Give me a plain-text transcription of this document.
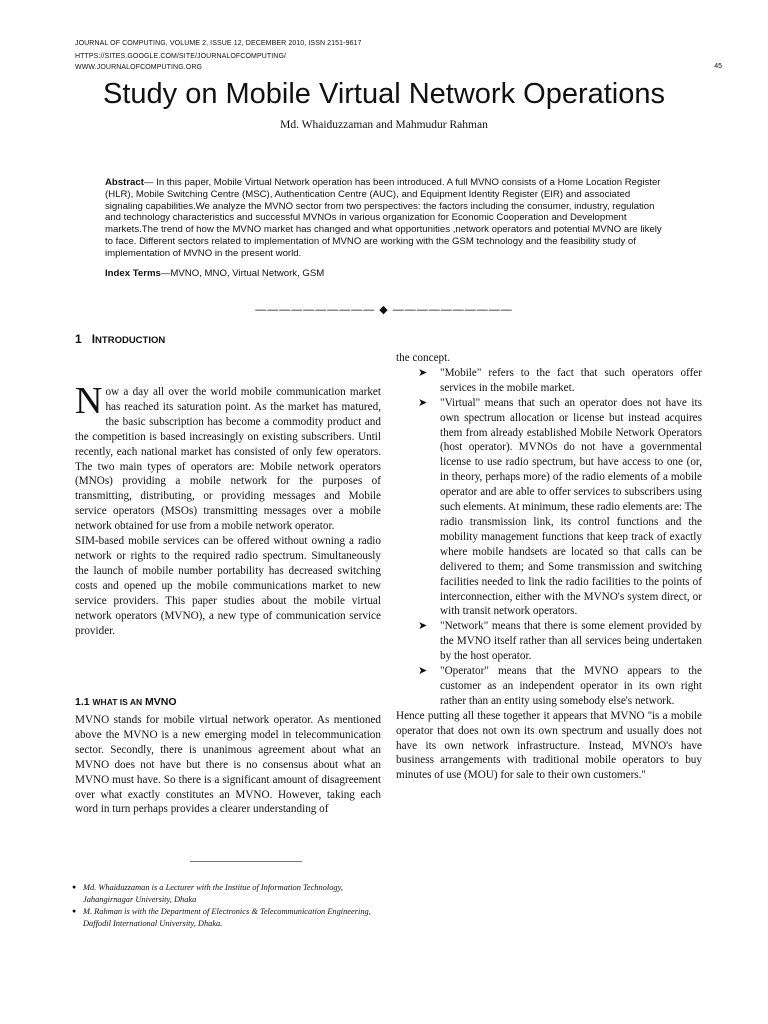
JOURNAL OF COMPUTING, VOLUME 2, ISSUE 12, DECEMBER 2010, ISSN 2151-9617
HTTPS://SITES.GOOGLE.COM/SITE/JOURNALOFCOMPUTING/
WWW.JOURNALOFCOMPUTING.ORG	45
Study on Mobile Virtual Network Operations
Md. Whaiduzzaman and Mahmudur Rahman

Abstract— In this paper, Mobile Virtual Network operation has been introduced. A full MVNO consists of a Home Location Register (HLR), Mobile Switching Centre (MSC), Authentication Centre (AUC), and Equipment Identity Register (EIR) and associated signaling capabilities.We analyze the MVNO sector from two perspectives: the factors including the consumer, industry, regulation and technology characteristics and successful MVNOs in various organization for Economic Cooperation and Development markets.The trend of how the MVNO market has changed and what opportunities ,network operators and potential MVNO are likely to face. Different sectors related to implementation of MVNO are working with the GSM technology and the feasibility study of implementation of MVNO in the present world.

Index Terms—MVNO, MNO, Virtual Network, GSM

—————————— ◆ ——————————
1 INTRODUCTION

Now a day all over the world mobile communication market has reached its saturation point. As the market has matured, the basic subscription has become a commodity product and the competition is based increasingly on existing subscribers. Until recently, each national market has consisted of only few operators. The two main types of operators are: Mobile network operators (MNOs) providing a mobile network for the purposes of transmitting, distributing, or providing messages and Mobile service operators (MSOs) transmitting messages over a mobile network obtained for use from a mobile network operator.

SIM-based mobile services can be offered without owning a radio network or rights to the required radio spectrum. Simultaneously the launch of mobile number portability has decreased switching costs and opened up the mobile communications market to new service providers. This paper studies about the mobile virtual network operators (MVNO), a new type of communication service provider.

1.1 WHAT IS AN MVNO
MVNO stands for mobile virtual network operator. As mentioned above the MVNO is a new emerging model in telecommunication sector. Secondly, there is unanimous agreement about what an MVNO does not have but there is no consensus about what an MVNO must have. So there is a significant amount of disagreement over what exactly constitutes an MVNO. However, taking each word in turn perhaps provides a clearer understanding of
● Md. Whaiduzzaman is a Lecturer with the Institue of Information Technology, Jahangirnagar University, Dhaka
● M. Rahman is with the Department of Electronics & Telecommunication Engineering, Daffodil International University, Dhaka.

the concept.

➤ "Mobile" refers to the fact that such operators offer services in the mobile market.

➤ "Virtual" means that such an operator does not have its own spectrum allocation or license but instead acquires them from already established Mobile Network Operators (host operator). MVNOs do not have a governmental license to use radio spectrum, but have access to one (or, in theory, perhaps more) of the radio elements of a mobile operator and are able to offer services to subscribers using such elements. At minimum, these radio elements are: The radio transmission link, its control functions and the mobility management functions that keep track of exactly where mobile handsets are located so that calls can be delivered to them; and Some transmission and switching facilities needed to link the radio facilities to the points of interconnection, either with the MVNO's system direct, or with transit network operators.

➤ "Network" means that there is some element provided by the MVNO itself rather than all services being undertaken by the host operator.

➤ "Operator" means that the MVNO appears to the customer as an independent operator in its own right rather than an entity using somebody else's network.

Hence putting all these together it appears that MVNO ''is a mobile operator that does not own its own spectrum and usually does not have its own network infrastructure. Instead, MVNO's have business arrangements with traditional mobile operators to buy minutes of use (MOU) for sale to their own customers.''
